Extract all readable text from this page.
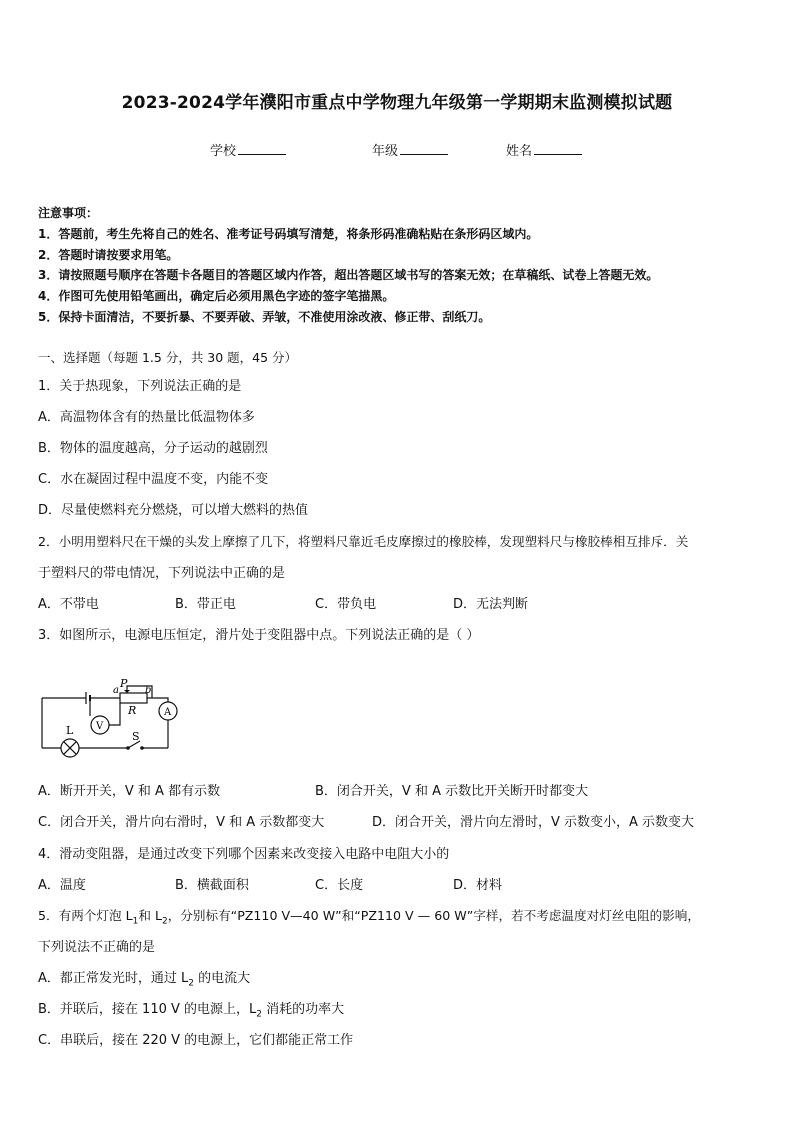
2023-2024学年濮阳市重点中学物理九年级第一学期期末监测模拟试题
学校	年级	姓名
注意事项：
1．答题前，考生先将自己的姓名、准考证号码填写清楚，将条形码准确粘贴在条形码区域内。
2．答题时请按要求用笔。
3．请按照题号顺序在答题卡各题目的答题区域内作答，超出答题区域书写的答案无效；在草稿纸、试卷上答题无效。
4．作图可先使用铅笔画出，确定后必须用黑色字迹的签字笔描黑。
5．保持卡面清洁，不要折暴、不要弄破、弄皱，不准使用涂改液、修正带、刮纸刀。
一、选择题（每题 1.5 分，共 30 题，45 分）
1．关于热现象，下列说法正确的是
A．高温物体含有的热量比低温物体多
B．物体的温度越高，分子运动的越剧烈
C．水在凝固过程中温度不变，内能不变
D．尽量使燃料充分燃烧，可以增大燃料的热值
2．小明用塑料尺在干燥的头发上摩擦了几下，将塑料尺靠近毛皮摩擦过的橡胶棒，发现塑料尺与橡胶棒相互排斥．关
于塑料尺的带电情况，下列说法中正确的是
A．不带电	B．带正电	C．带负电	D．无法判断
3．如图所示，电源电压恒定，滑片处于变阻器中点。下列说法正确的是（ ）
a
P
b
R	A
V
L	S
A．断开开关，V 和 A 都有示数	B．闭合开关，V 和 A 示数比开关断开时都变大
C．闭合开关，滑片向右滑时，V 和 A 示数都变大	D．闭合开关，滑片向左滑时，V 示数变小，A 示数变大
4．滑动变阻器，是通过改变下列哪个因素来改变接入电路中电阻大小的
A．温度	B．横截面积	C．长度	D．材料
5．有两个灯泡 $L_1$和 $L_2$，分别标有“PZ110 V—40 W”和“PZ110 V — 60 W”字样，若不考虑温度对灯丝电阻的影响，
下列说法不正确的是
A．都正常发光时，通过 $L_2$ 的电流大
B．并联后，接在 110 V 的电源上，$L_2$ 消耗的功率大
C．串联后，接在 220 V 的电源上，它们都能正常工作
